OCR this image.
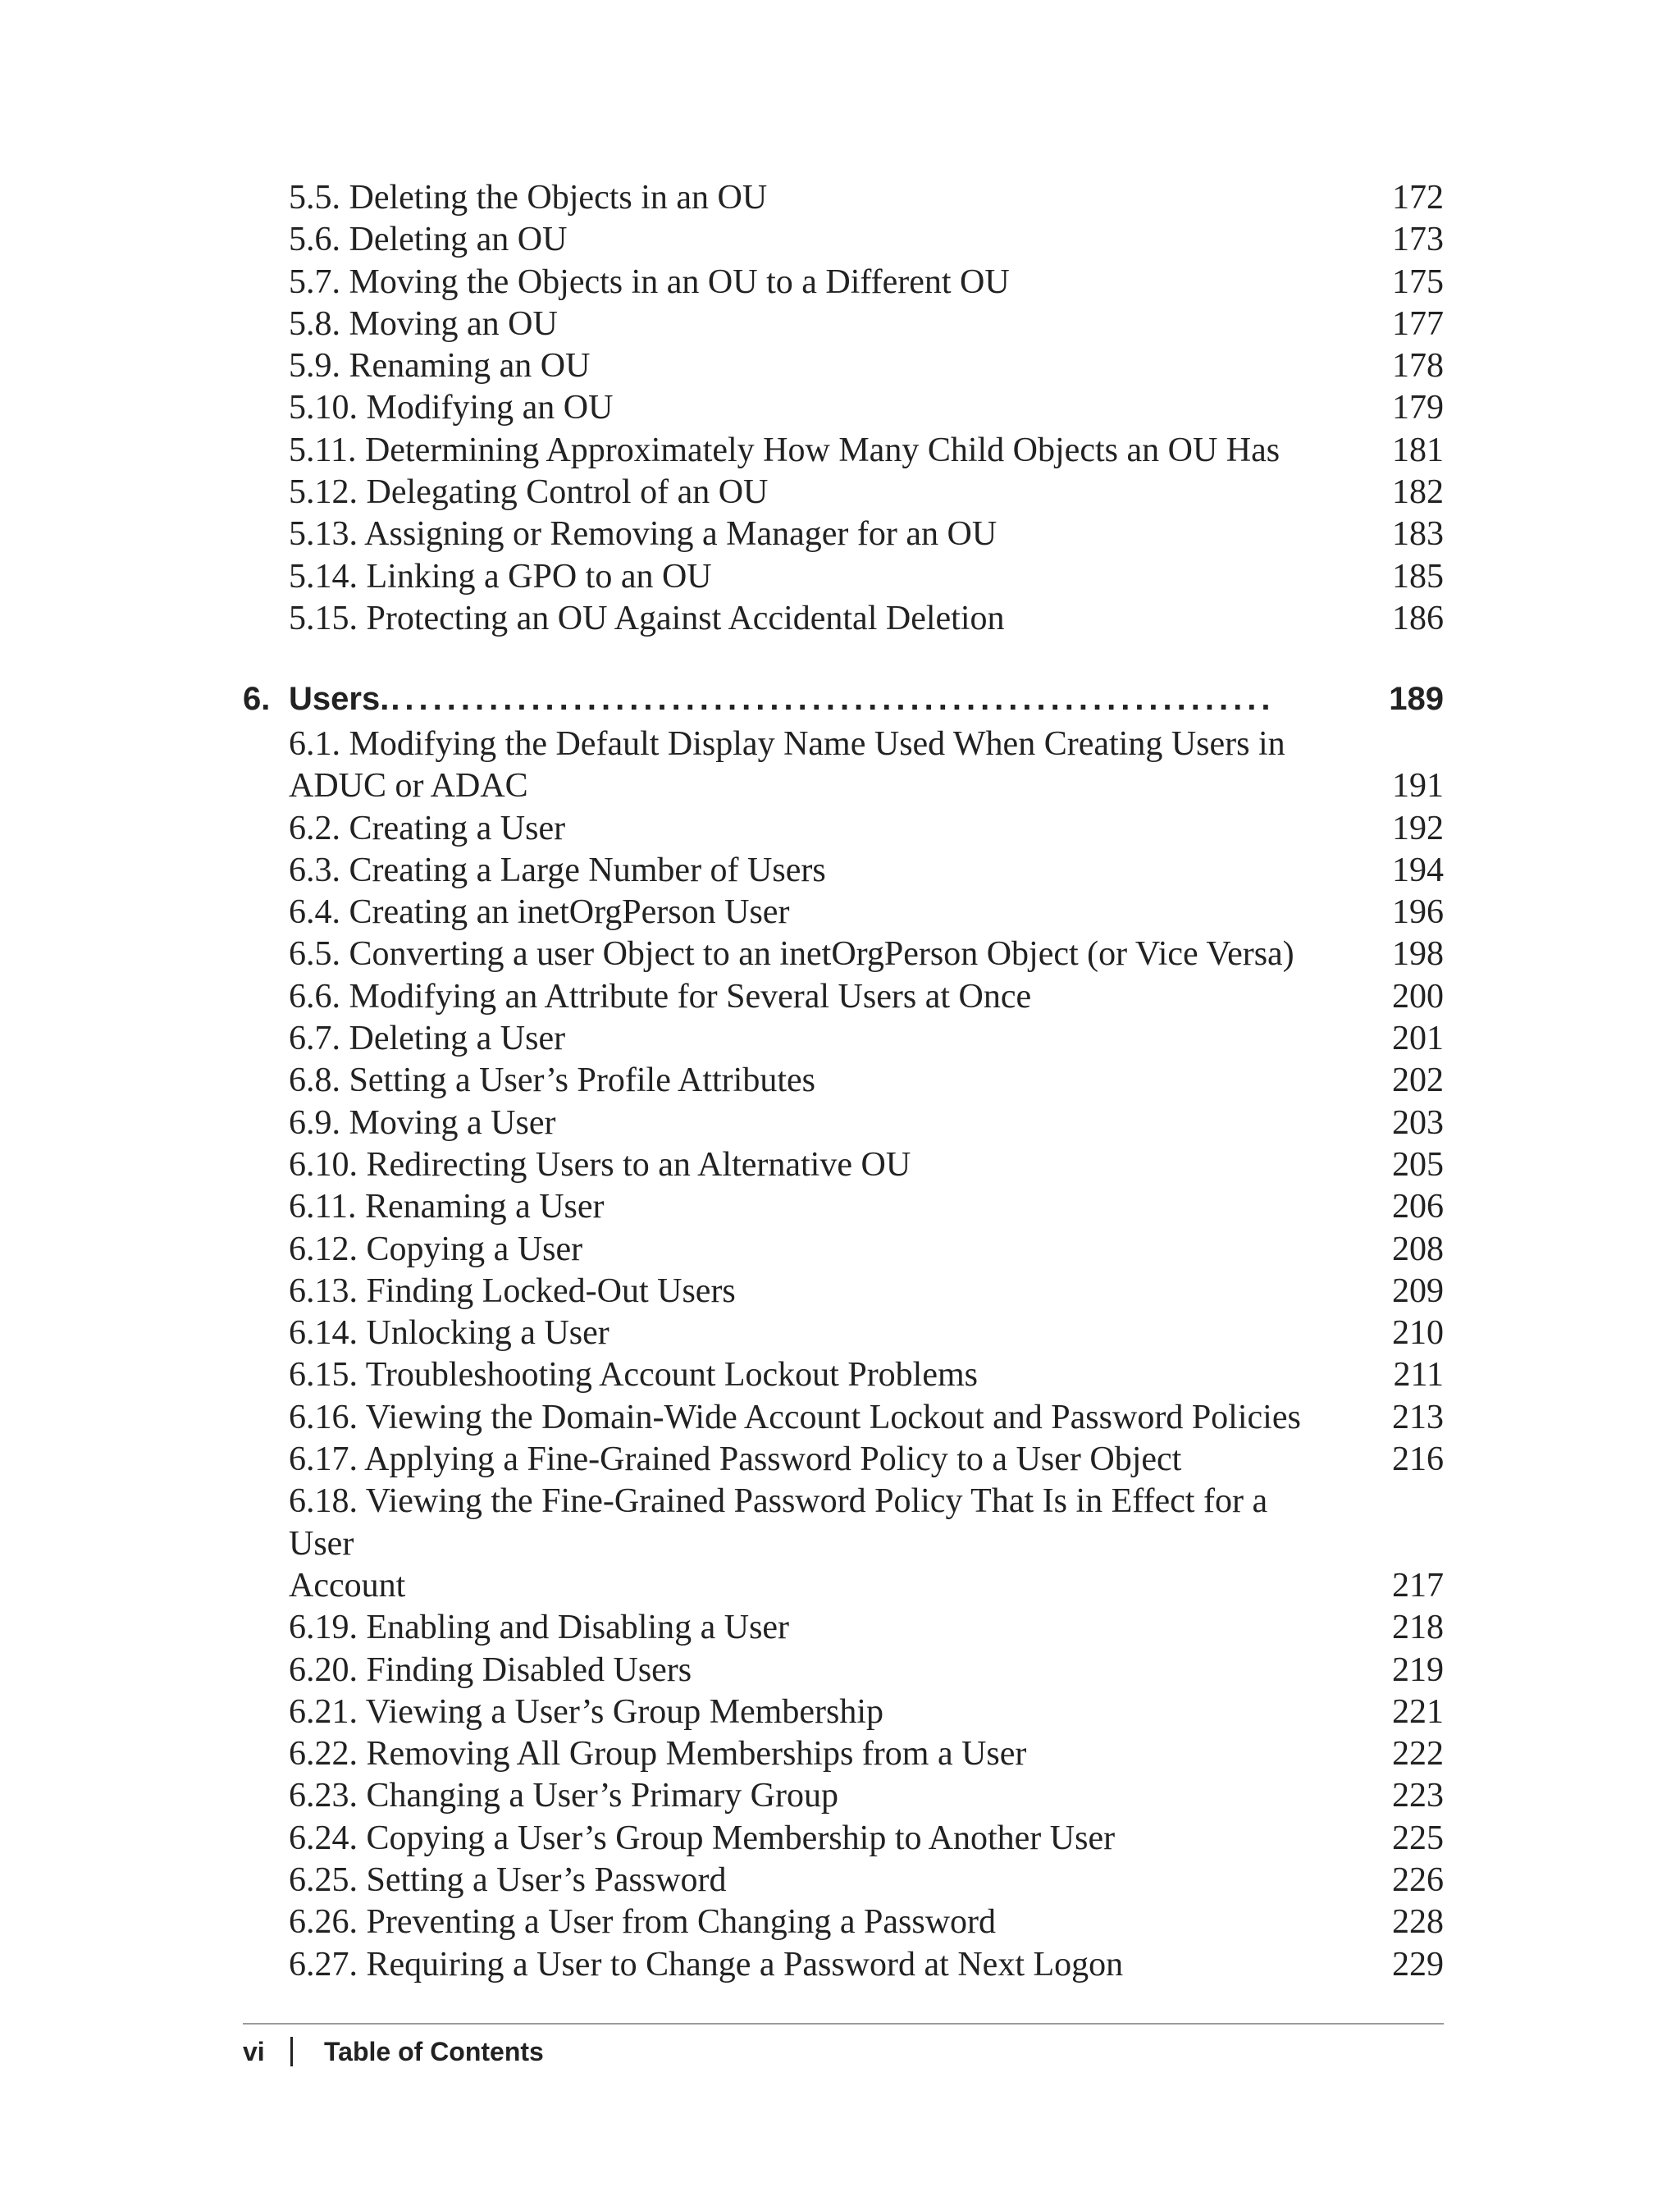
5.5. Deleting the Objects in an OU	172
5.6. Deleting an OU	173
5.7. Moving the Objects in an OU to a Different OU	175
5.8. Moving an OU	177
5.9. Renaming an OU	178
5.10. Modifying an OU	179
5.11. Determining Approximately How Many Child Objects an OU Has	181
5.12. Delegating Control of an OU	182
5.13. Assigning or Removing a Manager for an OU	183
5.14. Linking a GPO to an OU	185
5.15. Protecting an OU Against Accidental Deletion	186
6. Users. ...............................................................	189
6.1. Modifying the Default Display Name Used When Creating Users in
ADUC or ADAC	191
6.2. Creating a User	192
6.3. Creating a Large Number of Users	194
6.4. Creating an inetOrgPerson User	196
6.5. Converting a user Object to an inetOrgPerson Object (or Vice Versa)	198
6.6. Modifying an Attribute for Several Users at Once	200
6.7. Deleting a User	201
6.8. Setting a User’s Profile Attributes	202
6.9. Moving a User	203
6.10. Redirecting Users to an Alternative OU	205
6.11. Renaming a User	206
6.12. Copying a User	208
6.13. Finding Locked-Out Users	209
6.14. Unlocking a User	210
6.15. Troubleshooting Account Lockout Problems	211
6.16. Viewing the Domain-Wide Account Lockout and Password Policies	213
6.17. Applying a Fine-Grained Password Policy to a User Object	216
6.18. Viewing the Fine-Grained Password Policy That Is in Effect for a User
Account	217
6.19. Enabling and Disabling a User	218
6.20. Finding Disabled Users	219
6.21. Viewing a User’s Group Membership	221
6.22. Removing All Group Memberships from a User	222
6.23. Changing a User’s Primary Group	223
6.24. Copying a User’s Group Membership to Another User	225
6.25. Setting a User’s Password	226
6.26. Preventing a User from Changing a Password	228
6.27. Requiring a User to Change a Password at Next Logon	229
vi	Table of Contents
